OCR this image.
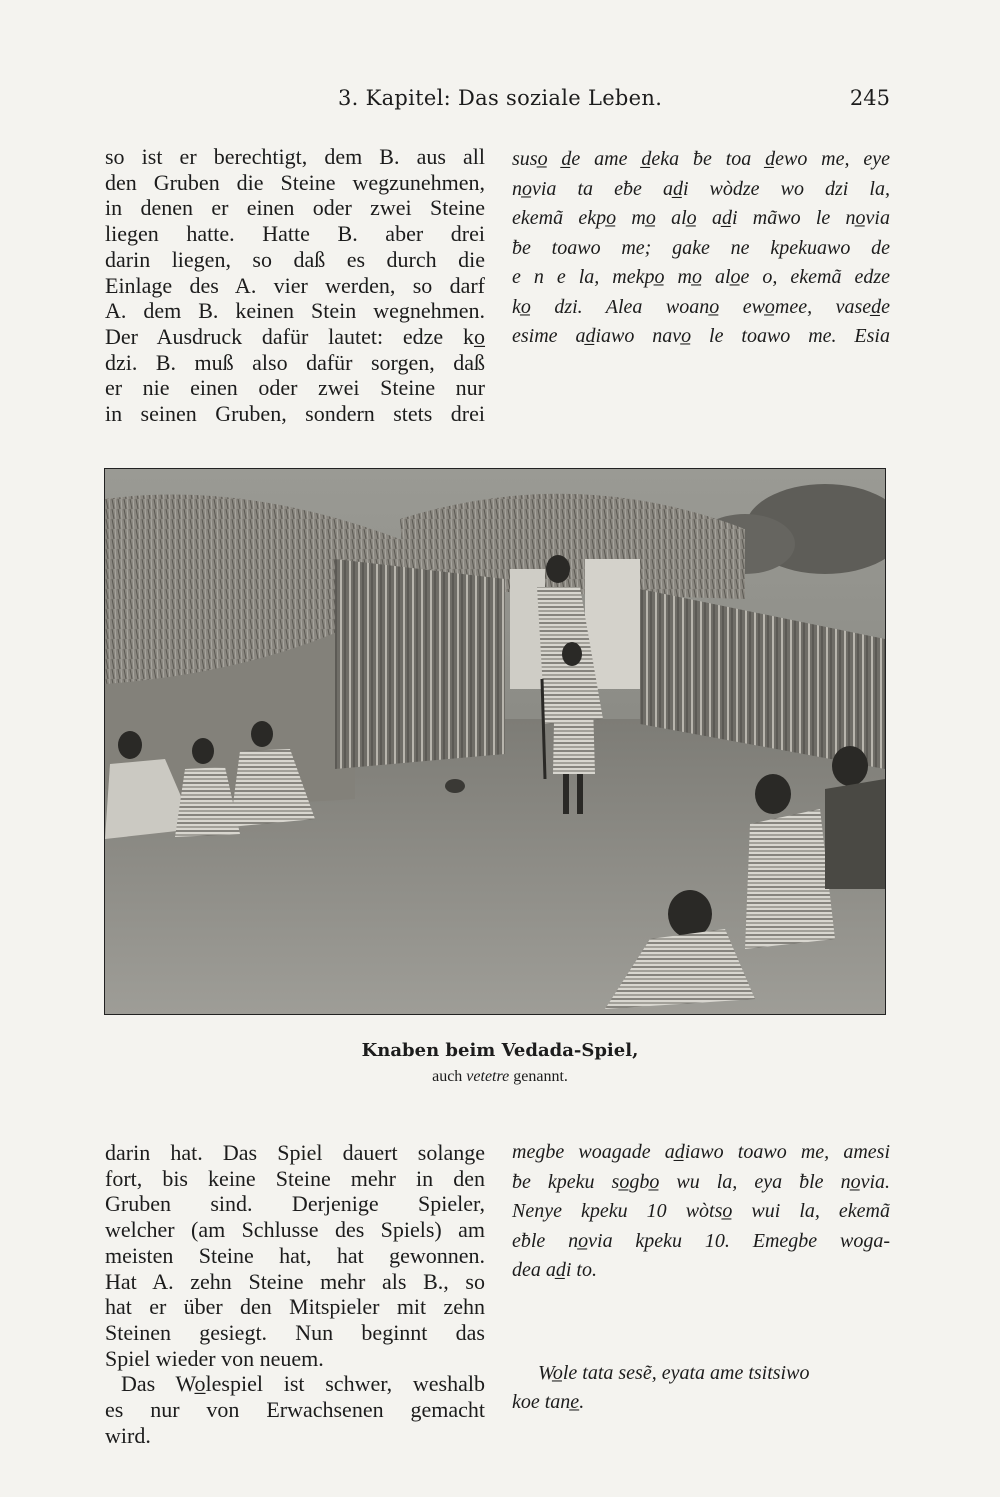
3. Kapitel: Das soziale Leben.	245
so ist er berechtigt, dem B. aus all
den Gruben die Steine wegzunehmen,
in denen er einen oder zwei Steine
liegen hatte. Hatte B. aber drei
darin liegen, so daß es durch die
Einlage des A. vier werden, so darf
A. dem B. keinen Stein wegnehmen.
Der Ausdruck dafür lautet: edze ko̲
dzi. B. muß also dafür sorgen, daß
er nie einen oder zwei Steine nur
in seinen Gruben, sondern stets drei
suso̲ d̲e ame d̲eka ƀe toa d̲ewo me, eye
no̲via ta eƀe ad̲i wòdze wo dzi la,
ekemã ekpo̲ mo̲ alo̲ ad̲i mãwo le no̲via
ƀe toawo me; gake ne kpekuawo de
e n e la, mekpo̲ mo̲ alo̲e o, ekemã edze
ko̲ dzi. Alea woano̲ ewo̲mee, vased̲e
esime ad̲iawo navo̲ le toawo me. Esia
Knaben beim Vedada-Spiel,
auch vetetre genannt.
darin hat. Das Spiel dauert solange
fort, bis keine Steine mehr in den
Gruben sind. Derjenige Spieler,
welcher (am Schlusse des Spiels) am
meisten Steine hat, hat gewonnen.
Hat A. zehn Steine mehr als B., so
hat er über den Mitspieler mit zehn
Steinen gesiegt. Nun beginnt das
Spiel wieder von neuem.
Das Wo̲lespiel ist schwer, weshalb
es nur von Erwachsenen gemacht
wird.
megbe woagade ad̲iawo toawo me, amesi
ƀe kpeku so̲gbo̲ wu la, eya ƀle no̲via.
Nenye kpeku 10 wòtso̲ wui la, ekemã
eƀle no̲via kpeku 10. Emegbe woga-
dea ad̲i to.
Wo̲le tata sesẽ, eyata ame tsitsiwo
koe tane̲.
